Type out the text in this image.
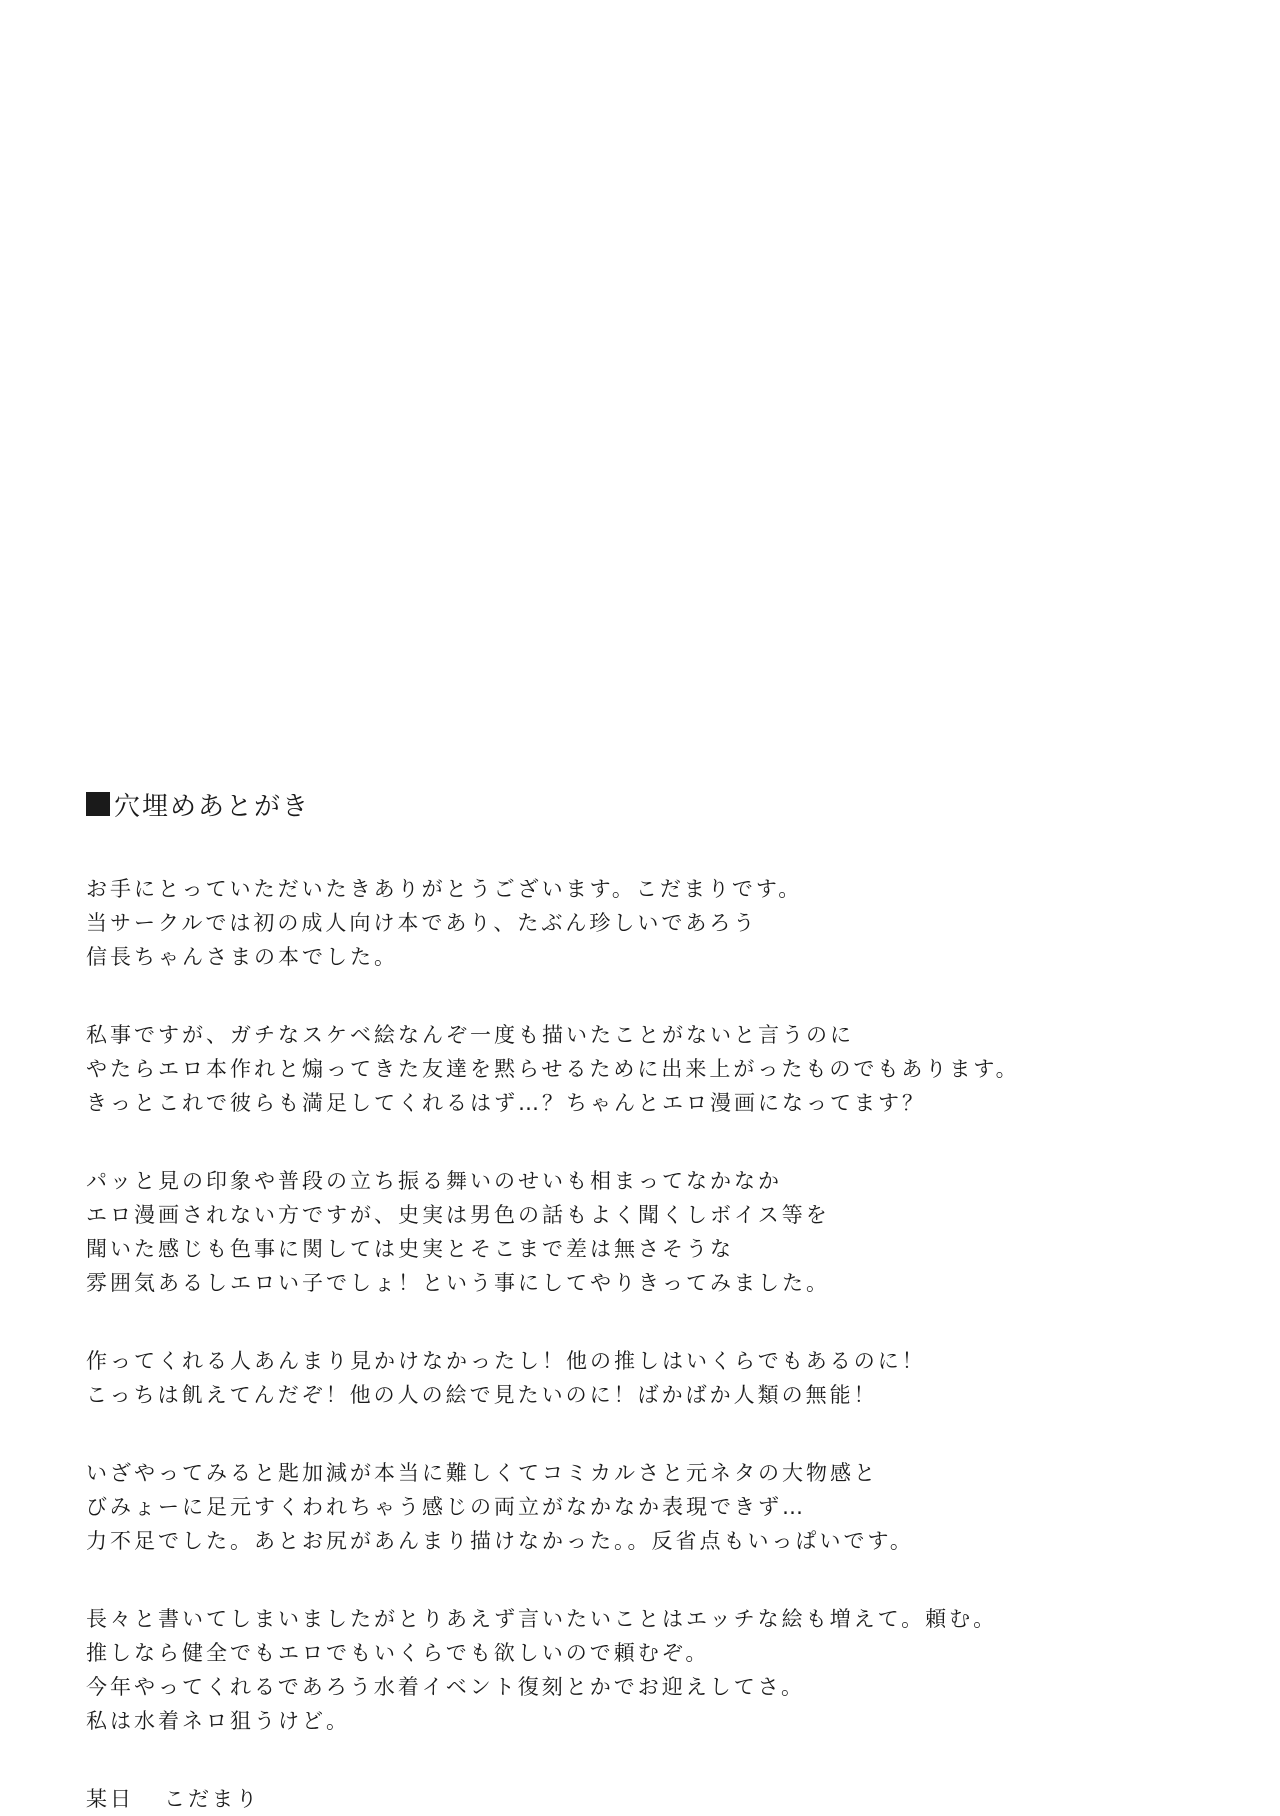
穴埋めあとがき
お手にとっていただいたきありがとうございます。こだまりです。
当サークルでは初の成人向け本であり、たぶん珍しいであろう
信長ちゃんさまの本でした。
私事ですが、ガチなスケベ絵なんぞ一度も描いたことがないと言うのに
やたらエロ本作れと煽ってきた友達を黙らせるために出来上がったものでもあります。
きっとこれで彼らも満足してくれるはず…？ちゃんとエロ漫画になってます？
パッと見の印象や普段の立ち振る舞いのせいも相まってなかなか
エロ漫画されない方ですが、史実は男色の話もよく聞くしボイス等を
聞いた感じも色事に関しては史実とそこまで差は無さそうな
雰囲気あるしエロい子でしょ！という事にしてやりきってみました。
作ってくれる人あんまり見かけなかったし！他の推しはいくらでもあるのに！
こっちは飢えてんだぞ！他の人の絵で見たいのに！ばかばか人類の無能！
いざやってみると匙加減が本当に難しくてコミカルさと元ネタの大物感と
びみょーに足元すくわれちゃう感じの両立がなかなか表現できず…
力不足でした。あとお尻があんまり描けなかった。。反省点もいっぱいです。
長々と書いてしまいましたがとりあえず言いたいことはエッチな絵も増えて。頼む。
推しなら健全でもエロでもいくらでも欲しいので頼むぞ。
今年やってくれるであろう水着イベント復刻とかでお迎えしてさ。
私は水着ネロ狙うけど。
某日 こだまり
